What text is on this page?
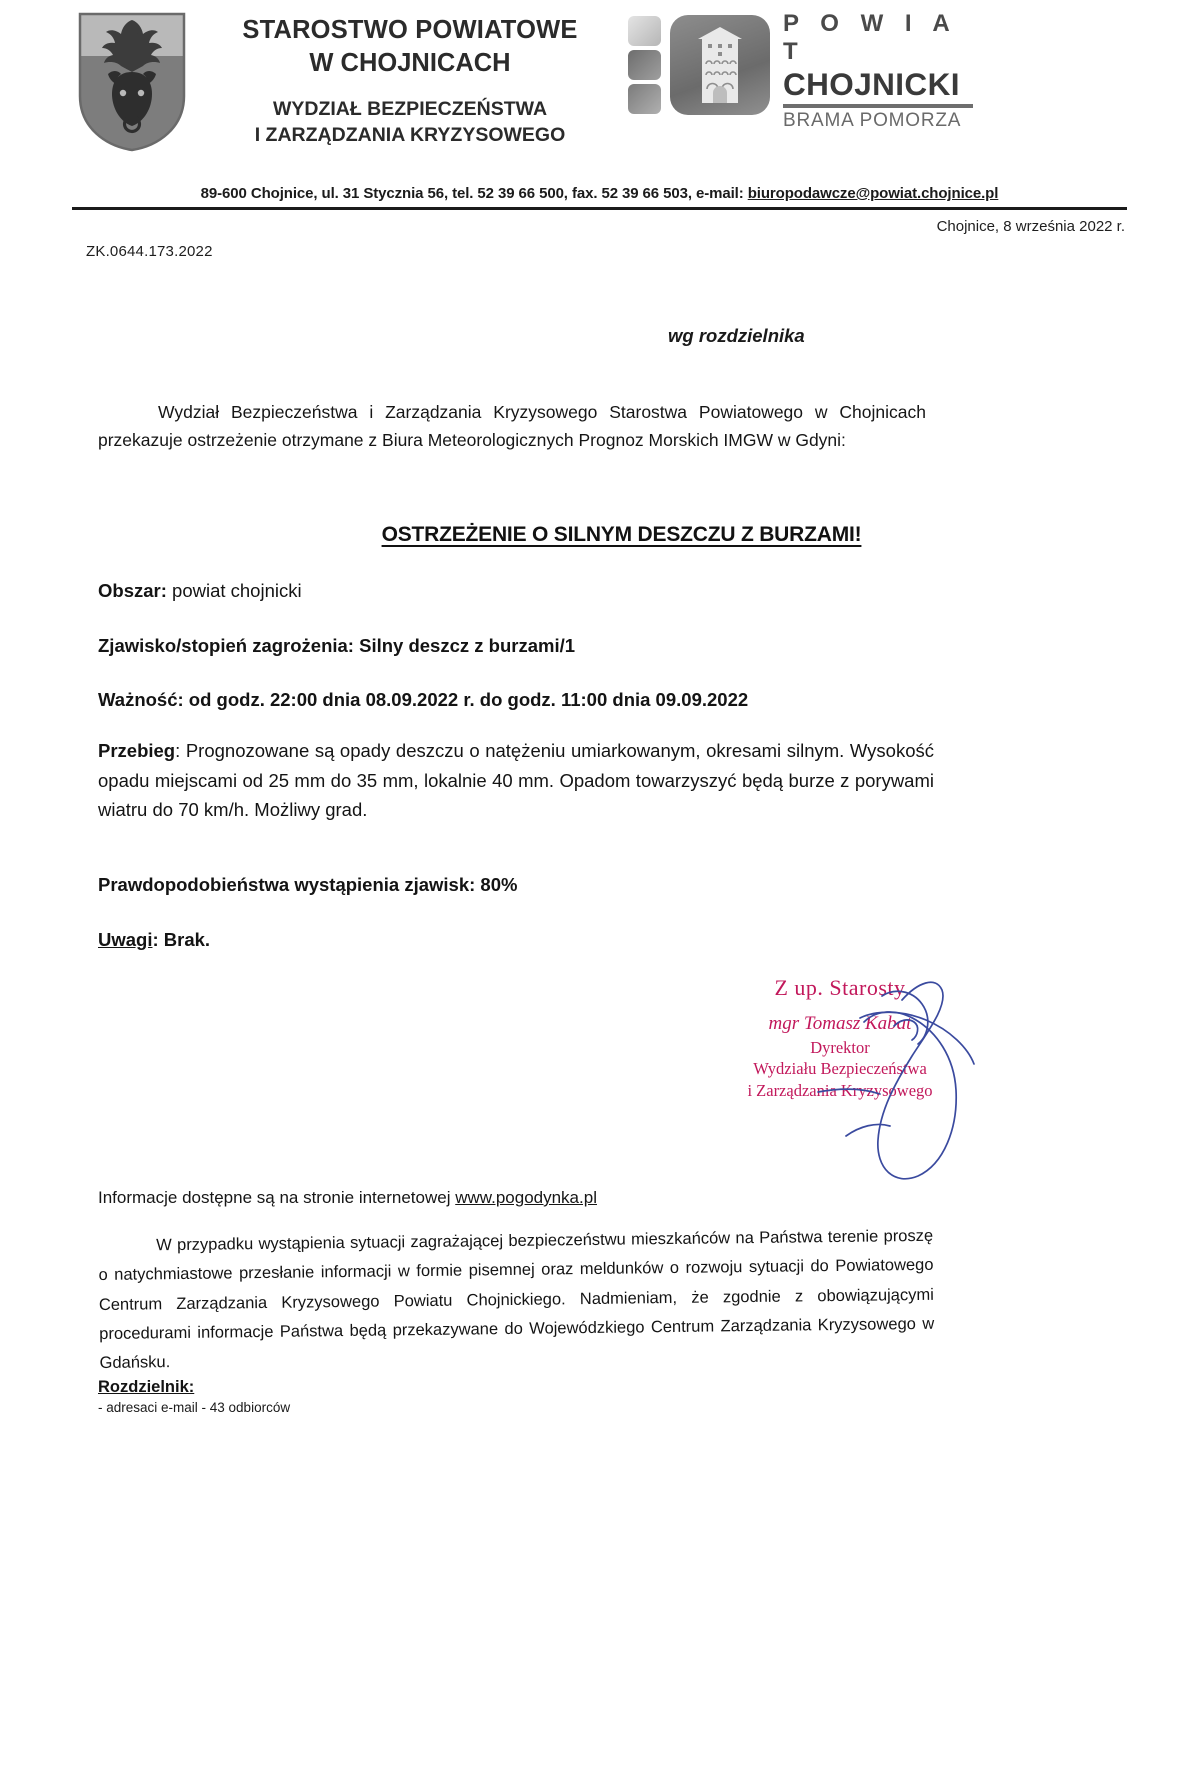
STAROSTWO POWIATOWE
W CHOJNICACH
WYDZIAŁ BEZPIECZEŃSTWA
I ZARZĄDZANIA KRYZYSOWEGO
P O W I A T
CHOJNICKI
BRAMA POMORZA
89-600 Chojnice, ul. 31 Stycznia 56, tel. 52 39 66 500, fax. 52 39 66 503, e-mail: biuropodawcze@powiat.chojnice.pl
Chojnice, 8 września 2022 r.
ZK.0644.173.2022
wg rozdzielnika
Wydział Bezpieczeństwa i Zarządzania Kryzysowego Starostwa Powiatowego w Chojnicach przekazuje ostrzeżenie otrzymane z Biura Meteorologicznych Prognoz Morskich IMGW w Gdyni:
OSTRZEŻENIE O SILNYM DESZCZU Z BURZAMI!
Obszar: powiat chojnicki
Zjawisko/stopień zagrożenia: Silny deszcz z burzami/1
Ważność: od godz. 22:00 dnia 08.09.2022 r. do godz. 11:00 dnia 09.09.2022
Przebieg: Prognozowane są opady deszczu o natężeniu umiarkowanym, okresami silnym. Wysokość opadu miejscami od 25 mm do 35 mm, lokalnie 40 mm. Opadom towarzyszyć będą burze z porywami wiatru do 70 km/h. Możliwy grad.
Prawdopodobieństwa wystąpienia zjawisk: 80%
Uwagi: Brak.
Z up. Starosty
mgr Tomasz Kabat
Dyrektor
Wydziału Bezpieczeństwa
i Zarządzania Kryzysowego
Informacje dostępne są na stronie internetowej www.pogodynka.pl
W przypadku wystąpienia sytuacji zagrażającej bezpieczeństwu mieszkańców na Państwa terenie proszę o natychmiastowe przesłanie informacji w formie pisemnej oraz meldunków o rozwoju sytuacji do Powiatowego Centrum Zarządzania Kryzysowego Powiatu Chojnickiego. Nadmieniam, że zgodnie z obowiązującymi procedurami informacje Państwa będą przekazywane do Wojewódzkiego Centrum Zarządzania Kryzysowego w Gdańsku.
Rozdzielnik:
- adresaci e-mail - 43 odbiorców
